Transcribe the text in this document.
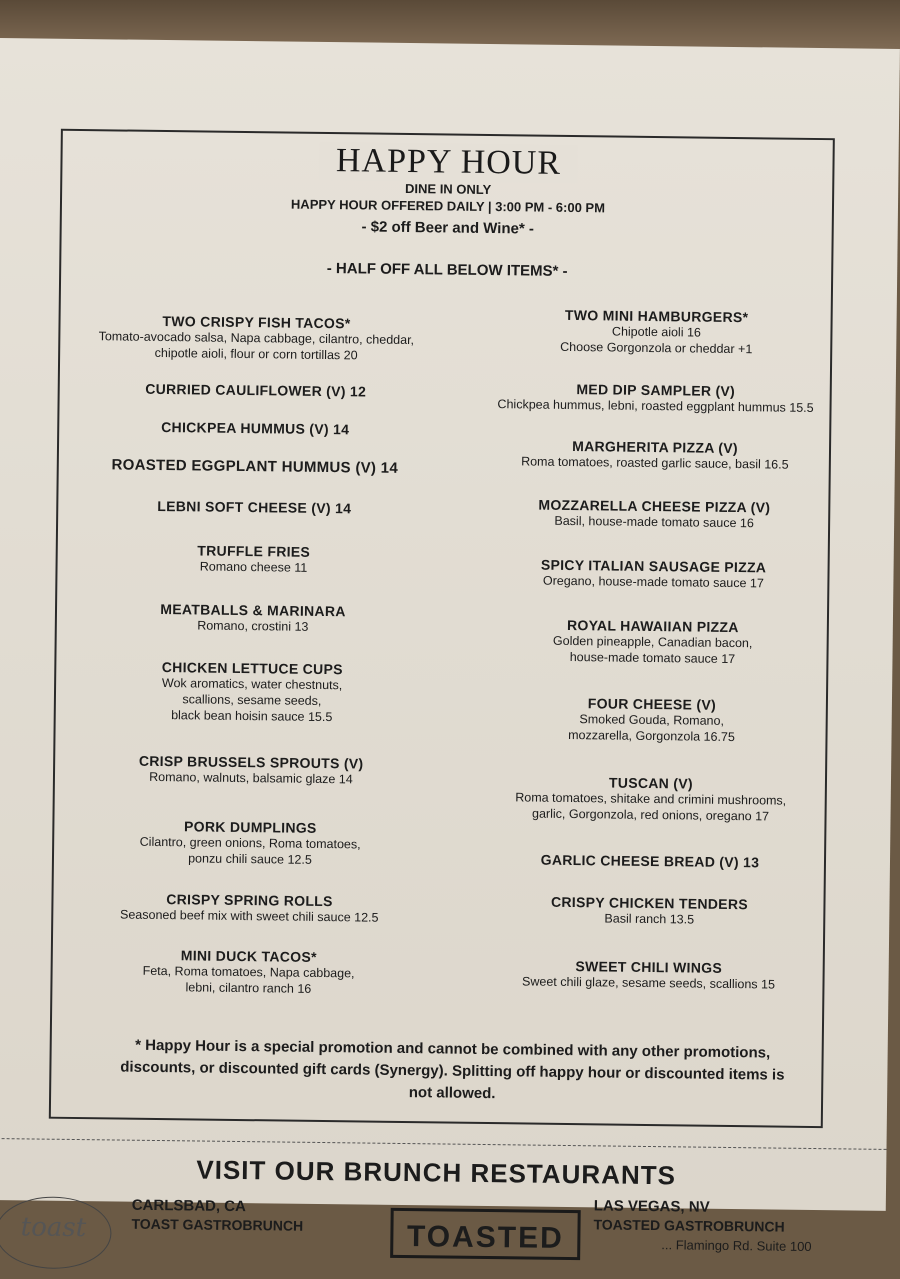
HAPPY HOUR
DINE IN ONLY
HAPPY HOUR OFFERED DAILY | 3:00 PM - 6:00 PM
- $2 off Beer and Wine* -
- HALF OFF ALL BELOW ITEMS* -
TWO CRISPY FISH TACOS*
Tomato-avocado salsa, Napa cabbage, cilantro, cheddar,
chipotle aioli, flour or corn tortillas 20
CURRIED CAULIFLOWER (V) 12
CHICKPEA HUMMUS (V) 14
ROASTED EGGPLANT HUMMUS (V) 14
LEBNI SOFT CHEESE (V) 14
TRUFFLE FRIES
Romano cheese 11
MEATBALLS & MARINARA
Romano, crostini 13
CHICKEN LETTUCE CUPS
Wok aromatics, water chestnuts,
scallions, sesame seeds,
black bean hoisin sauce 15.5
CRISP BRUSSELS SPROUTS (V)
Romano, walnuts, balsamic glaze 14
PORK DUMPLINGS
Cilantro, green onions, Roma tomatoes,
ponzu chili sauce 12.5
CRISPY SPRING ROLLS
Seasoned beef mix with sweet chili sauce 12.5
MINI DUCK TACOS*
Feta, Roma tomatoes, Napa cabbage,
lebni, cilantro ranch 16
TWO MINI HAMBURGERS*
Chipotle aioli 16
Choose Gorgonzola or cheddar +1
MED DIP SAMPLER (V)
Chickpea hummus, lebni, roasted eggplant hummus 15.5
MARGHERITA PIZZA (V)
Roma tomatoes, roasted garlic sauce, basil 16.5
MOZZARELLA CHEESE PIZZA (V)
Basil, house-made tomato sauce 16
SPICY ITALIAN SAUSAGE PIZZA
Oregano, house-made tomato sauce 17
ROYAL HAWAIIAN PIZZA
Golden pineapple, Canadian bacon,
house-made tomato sauce 17
FOUR CHEESE (V)
Smoked Gouda, Romano,
mozzarella, Gorgonzola 16.75
TUSCAN (V)
Roma tomatoes, shitake and crimini mushrooms,
garlic, Gorgonzola, red onions, oregano 17
GARLIC CHEESE BREAD (V) 13
CRISPY CHICKEN TENDERS
Basil ranch 13.5
SWEET CHILI WINGS
Sweet chili glaze, sesame seeds, scallions 15
* Happy Hour is a special promotion and cannot be combined with any other promotions, discounts, or discounted gift cards (Synergy). Splitting off happy hour or discounted items is not allowed.
VISIT OUR BRUNCH RESTAURANTS
toast
CARLSBAD, CA
TOAST GASTROBRUNCH	TOASTED
LAS VEGAS, NV
TOASTED GASTROBRUNCH
... Flamingo Rd. Suite 100
